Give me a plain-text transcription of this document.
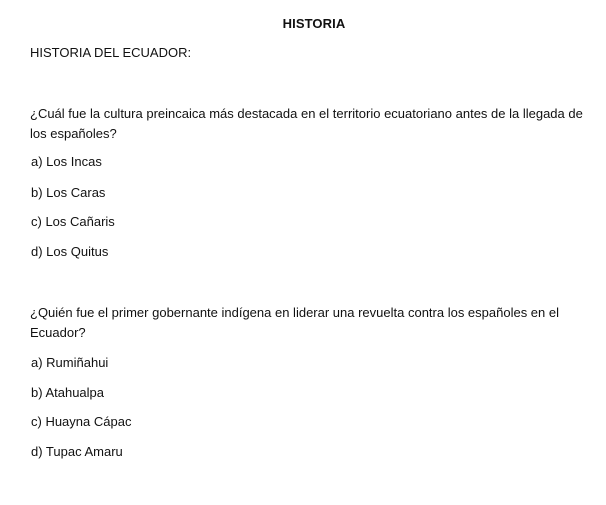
HISTORIA
HISTORIA DEL ECUADOR:
¿Cuál fue la cultura preincaica más destacada en el territorio ecuatoriano antes de la llegada de los españoles?
a) Los Incas
b) Los Caras
c) Los Cañaris
d) Los Quitus
¿Quién fue el primer gobernante indígena en liderar una revuelta contra los españoles en el Ecuador?
a) Rumiñahui
b) Atahualpa
c) Huayna Cápac
d) Tupac Amaru
